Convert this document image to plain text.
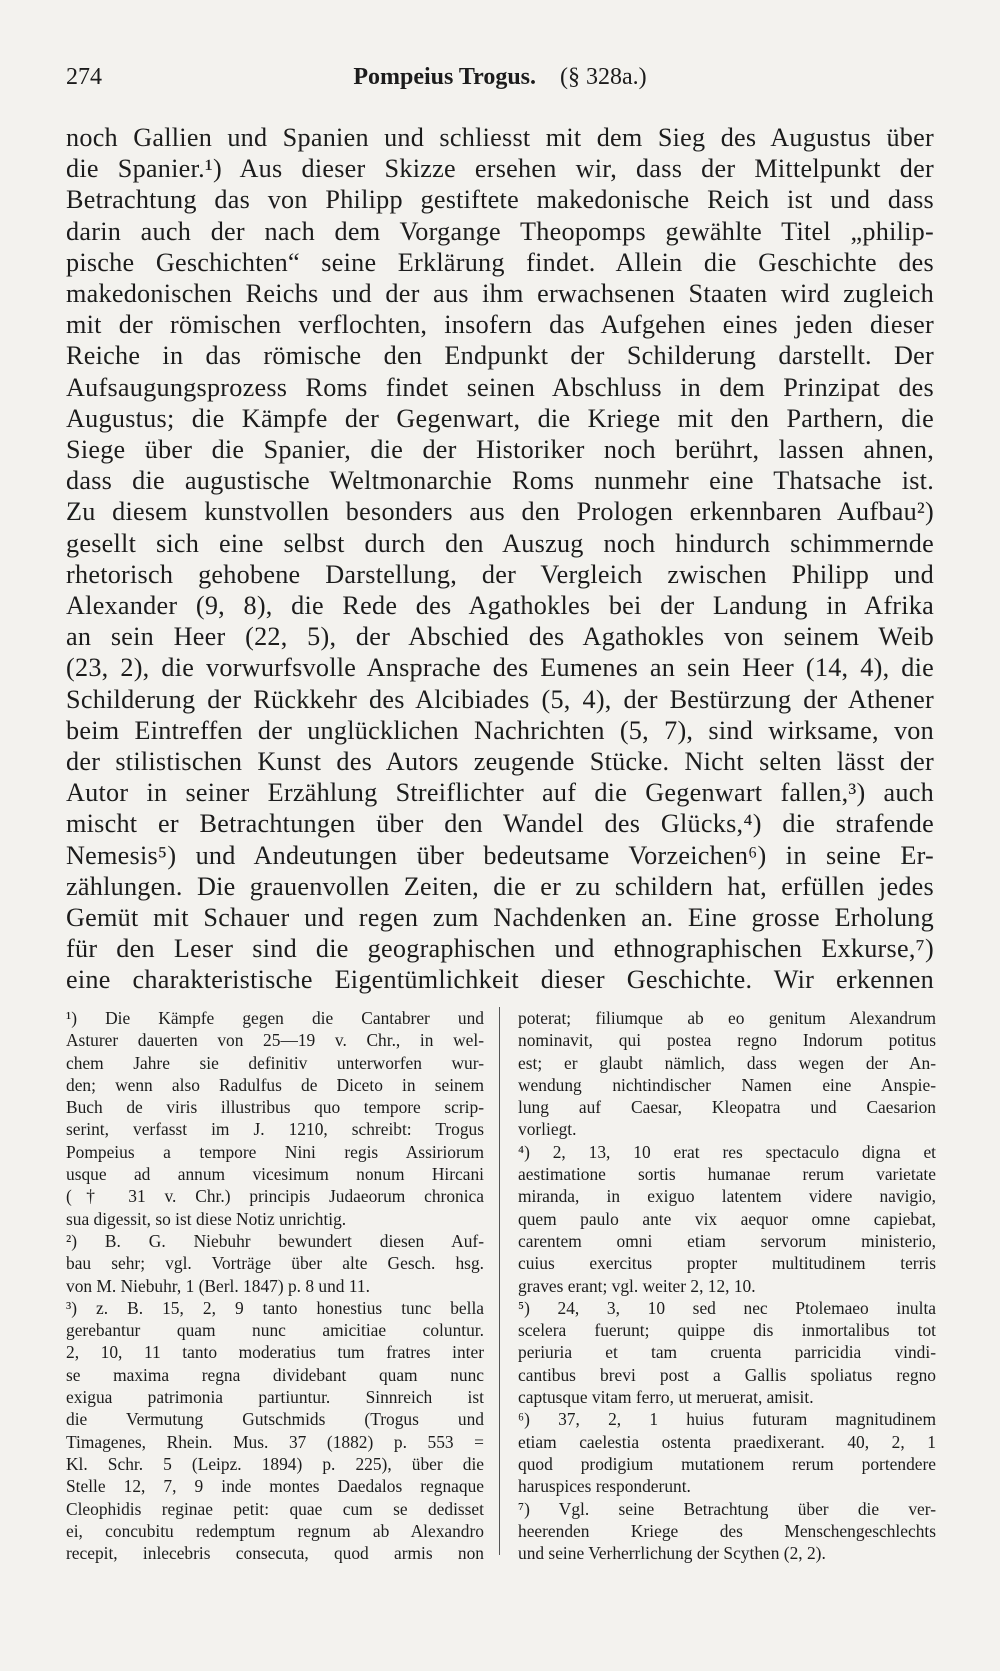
274	Pompeius Trogus. (§ 328a.)
noch Gallien und Spanien und schliesst mit dem Sieg des Augustus über
die Spanier.¹) Aus dieser Skizze ersehen wir, dass der Mittelpunkt der
Betrachtung das von Philipp gestiftete makedonische Reich ist und dass
darin auch der nach dem Vorgange Theopomps gewählte Titel „philip-
pische Geschichten“ seine Erklärung findet. Allein die Geschichte des
makedonischen Reichs und der aus ihm erwachsenen Staaten wird zugleich
mit der römischen verflochten, insofern das Aufgehen eines jeden dieser
Reiche in das römische den Endpunkt der Schilderung darstellt. Der
Aufsaugungsprozess Roms findet seinen Abschluss in dem Prinzipat des
Augustus; die Kämpfe der Gegenwart, die Kriege mit den Parthern, die
Siege über die Spanier, die der Historiker noch berührt, lassen ahnen,
dass die augustische Weltmonarchie Roms nunmehr eine Thatsache ist.
Zu diesem kunstvollen besonders aus den Prologen erkennbaren Aufbau²)
gesellt sich eine selbst durch den Auszug noch hindurch schimmernde
rhetorisch gehobene Darstellung, der Vergleich zwischen Philipp und
Alexander (9, 8), die Rede des Agathokles bei der Landung in Afrika
an sein Heer (22, 5), der Abschied des Agathokles von seinem Weib
(23, 2), die vorwurfsvolle Ansprache des Eumenes an sein Heer (14, 4), die
Schilderung der Rückkehr des Alcibiades (5, 4), der Bestürzung der Athener
beim Eintreffen der unglücklichen Nachrichten (5, 7), sind wirksame, von
der stilistischen Kunst des Autors zeugende Stücke. Nicht selten lässt der
Autor in seiner Erzählung Streiflichter auf die Gegenwart fallen,³) auch
mischt er Betrachtungen über den Wandel des Glücks,⁴) die strafende
Nemesis⁵) und Andeutungen über bedeutsame Vorzeichen⁶) in seine Er-
zählungen. Die grauenvollen Zeiten, die er zu schildern hat, erfüllen jedes
Gemüt mit Schauer und regen zum Nachdenken an. Eine grosse Erholung
für den Leser sind die geographischen und ethnographischen Exkurse,⁷)
eine charakteristische Eigentümlichkeit dieser Geschichte. Wir erkennen
¹) Die Kämpfe gegen die Cantabrer und
Asturer dauerten von 25—19 v. Chr., in wel-
chem Jahre sie definitiv unterworfen wur-
den; wenn also Radulfus de Diceto in seinem
Buch de viris illustribus quo tempore scrip-
serint, verfasst im J. 1210, schreibt: Trogus
Pompeius a tempore Nini regis Assiriorum
usque ad annum vicesimum nonum Hircani
(† 31 v. Chr.) principis Judaeorum chronica
sua digessit, so ist diese Notiz unrichtig.
²) B. G. Niebuhr bewundert diesen Auf-
bau sehr; vgl. Vorträge über alte Gesch. hsg.
von M. Niebuhr, 1 (Berl. 1847) p. 8 und 11.
³) z. B. 15, 2, 9 tanto honestius tunc bella
gerebantur quam nunc amicitiae coluntur.
2, 10, 11 tanto moderatius tum fratres inter
se maxima regna dividebant quam nunc
exigua patrimonia partiuntur. Sinnreich ist
die Vermutung Gutschmids (Trogus und
Timagenes, Rhein. Mus. 37 (1882) p. 553 =
Kl. Schr. 5 (Leipz. 1894) p. 225), über die
Stelle 12, 7, 9 inde montes Daedalos regnaque
Cleophidis reginae petit: quae cum se dedisset
ei, concubitu redemptum regnum ab Alexandro
recepit, inlecebris consecuta, quod armis non
poterat; filiumque ab eo genitum Alexandrum
nominavit, qui postea regno Indorum potitus
est; er glaubt nämlich, dass wegen der An-
wendung nichtindischer Namen eine Anspie-
lung auf Caesar, Kleopatra und Caesarion
vorliegt.
⁴) 2, 13, 10 erat res spectaculo digna et
aestimatione sortis humanae rerum varietate
miranda, in exiguo latentem videre navigio,
quem paulo ante vix aequor omne capiebat,
carentem omni etiam servorum ministerio,
cuius exercitus propter multitudinem terris
graves erant; vgl. weiter 2, 12, 10.
⁵) 24, 3, 10 sed nec Ptolemaeo inulta
scelera fuerunt; quippe dis inmortalibus tot
periuria et tam cruenta parricidia vindi-
cantibus brevi post a Gallis spoliatus regno
captusque vitam ferro, ut meruerat, amisit.
⁶) 37, 2, 1 huius futuram magnitudinem
etiam caelestia ostenta praedixerant. 40, 2, 1
quod prodigium mutationem rerum portendere
haruspices responderunt.
⁷) Vgl. seine Betrachtung über die ver-
heerenden Kriege des Menschengeschlechts
und seine Verherrlichung der Scythen (2, 2).
